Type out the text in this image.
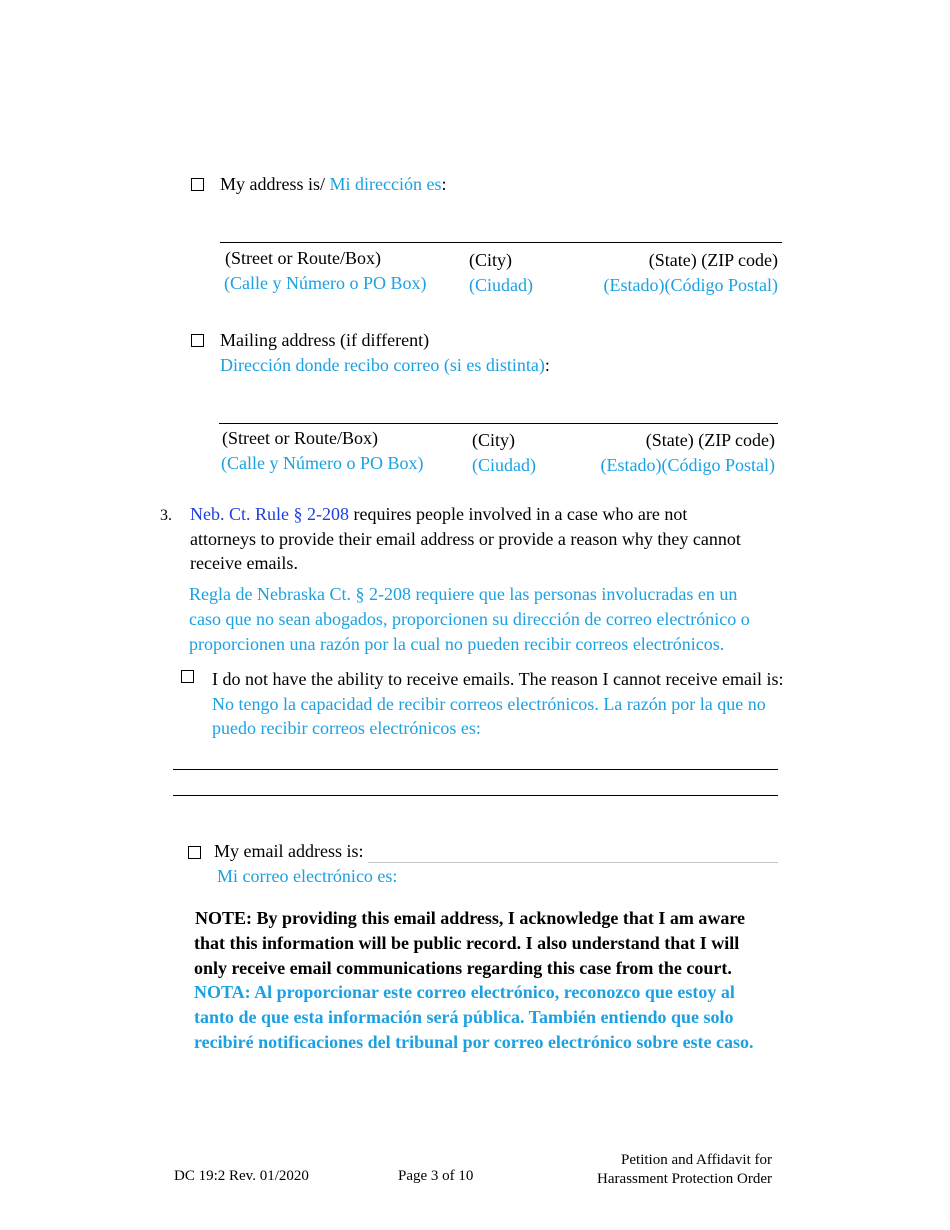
My address is/ Mi dirección es:
(Street or Route/Box)
(Calle y Número o PO Box)
(City)
(Ciudad)
(State) (ZIP code)
(Estado)(Código Postal)
Mailing address (if different)
Dirección donde recibo correo (si es distinta):
(Street or Route/Box)
(Calle y Número o PO Box)
(City)
(Ciudad)
(State) (ZIP code)
(Estado)(Código Postal)
3. Neb. Ct. Rule § 2-208 requires people involved in a case who are not
attorneys to provide their email address or provide a reason why they cannot
receive emails.
Regla de Nebraska Ct. § 2-208 requiere que las personas involucradas en un
caso que no sean abogados, proporcionen su dirección de correo electrónico o
proporcionen una razón por la cual no pueden recibir correos electrónicos.
I do not have the ability to receive emails. The reason I cannot receive email is:
No tengo la capacidad de recibir correos electrónicos. La razón por la que no
puedo recibir correos electrónicos es:
My email address is:
Mi correo electrónico es:
NOTE: By providing this email address, I acknowledge that I am aware
that this information will be public record. I also understand that I will
only receive email communications regarding this case from the court.
NOTA: Al proporcionar este correo electrónico, reconozco que estoy al
tanto de que esta información será pública. También entiendo que solo
recibiré notificaciones del tribunal por correo electrónico sobre este caso.
DC 19:2 Rev. 01/2020	Page 3 of 10
Petition and Affidavit for
Harassment Protection Order
